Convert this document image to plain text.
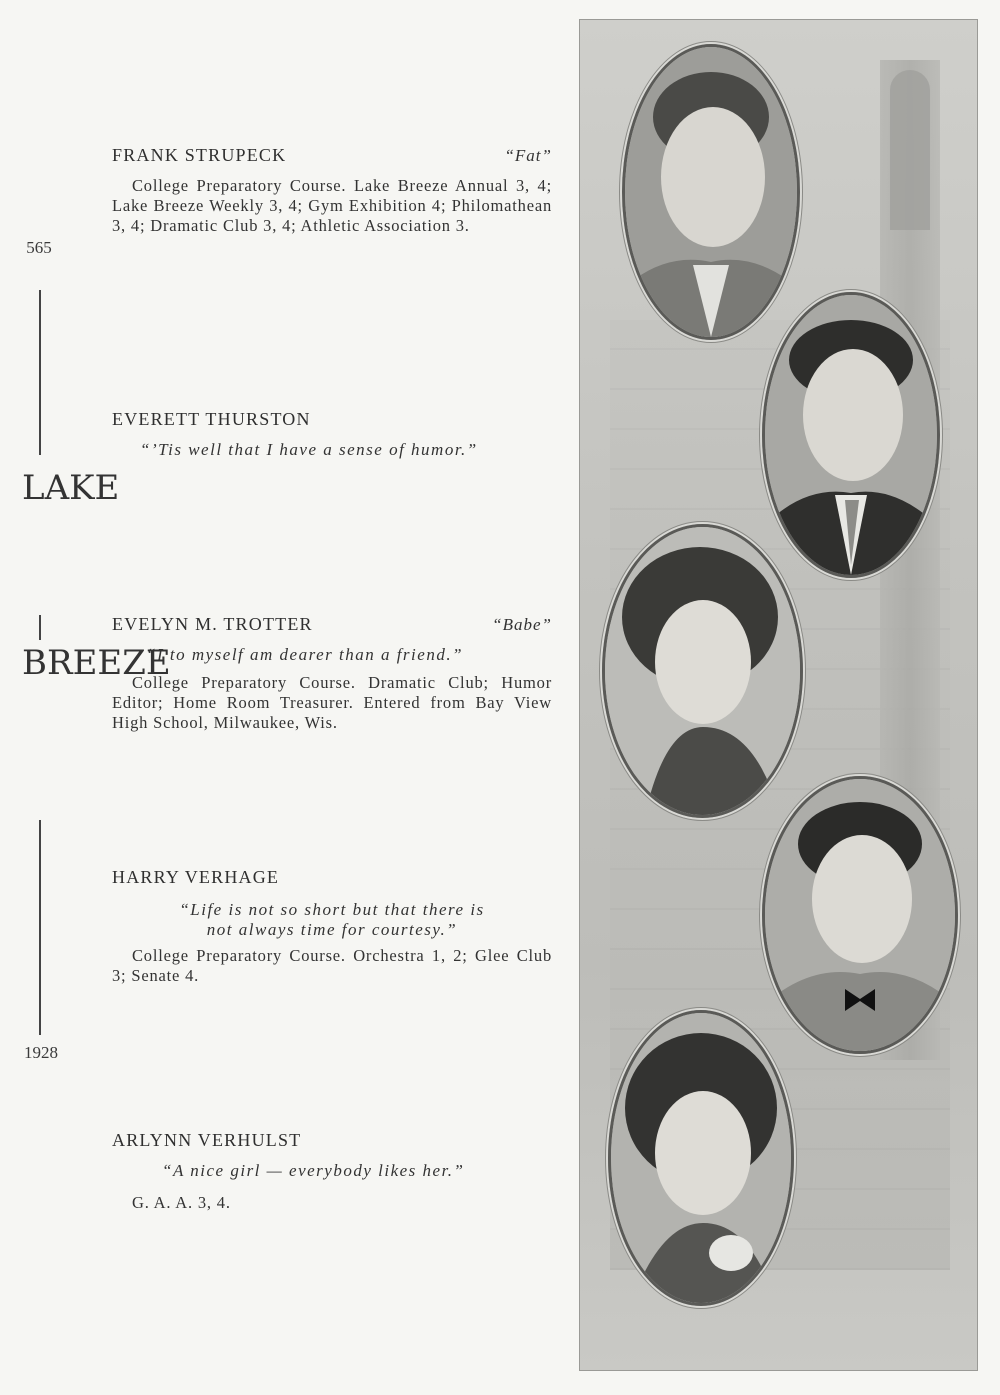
565
LAKE
BREEZE
1928
FRANK STRUPECK	“Fat”
College Preparatory Course. Lake Breeze Annual 3, 4; Lake Breeze Weekly 3, 4; Gym Exhibition 4; Philomathean 3, 4; Dramatic Club 3, 4; Athletic Association 3.
EVERETT THURSTON
“’Tis well that I have a sense of humor.”
EVELYN M. TROTTER	“Babe”
“I to myself am dearer than a friend.”
College Preparatory Course. Dramatic Club; Humor Editor; Home Room Treasurer. Entered from Bay View High School, Milwaukee, Wis.
HARRY VERHAGE
“Life is not so short but that there is
not always time for courtesy.”
College Preparatory Course. Orchestra 1, 2; Glee Club 3; Senate 4.
ARLYNN VERHULST
“A nice girl — everybody likes her.”
G. A. A. 3, 4.
